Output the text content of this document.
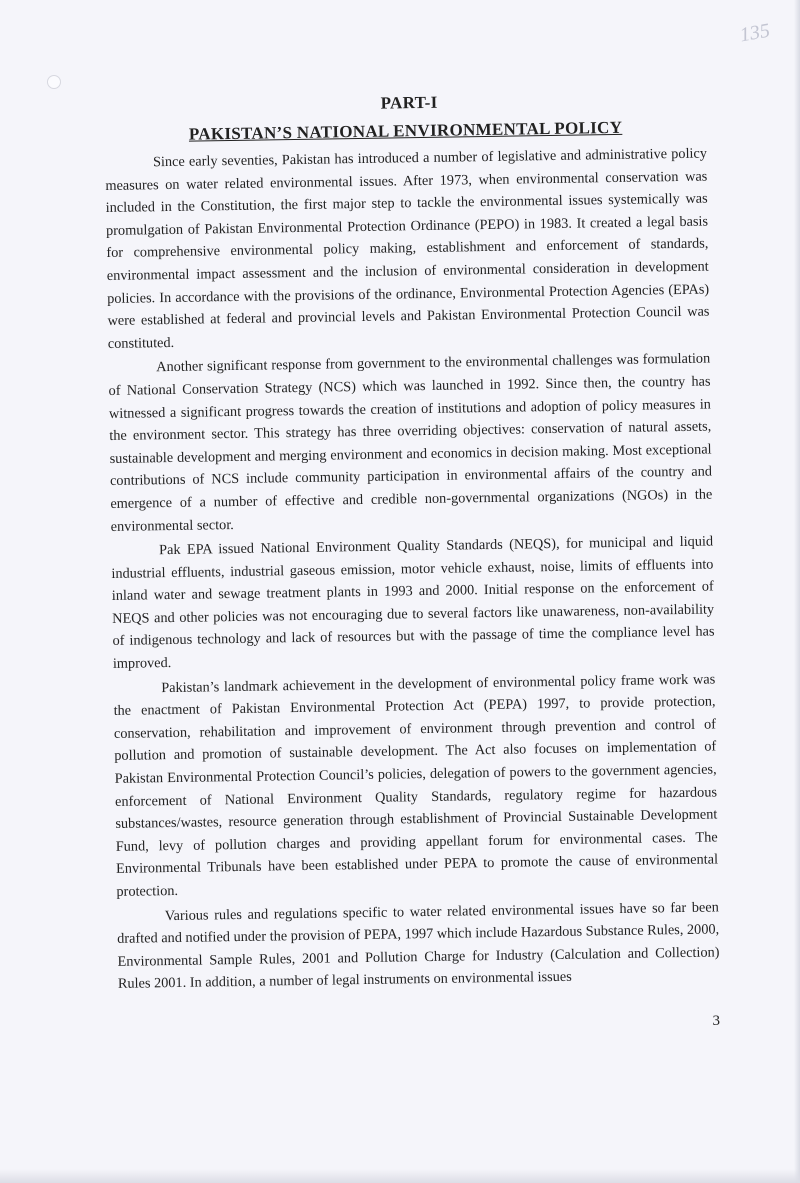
135
PART-I
PAKISTAN’S NATIONAL ENVIRONMENTAL POLICY

Since early seventies, Pakistan has introduced a number of legislative and administrative policy measures on water related environmental issues. After 1973, when environmental conservation was included in the Constitution, the first major step to tackle the environmental issues systemically was promulgation of Pakistan Environmental Protection Ordinance (PEPO) in 1983. It created a legal basis for comprehensive environmental policy making, establishment and enforcement of standards, environmental impact assessment and the inclusion of environmental consideration in development policies. In accordance with the provisions of the ordinance, Environmental Protection Agencies (EPAs) were established at federal and provincial levels and Pakistan Environmental Protection Council was constituted.

Another significant response from government to the environmental challenges was formulation of National Conservation Strategy (NCS) which was launched in 1992. Since then, the country has witnessed a significant progress towards the creation of institutions and adoption of policy measures in the environment sector. This strategy has three overriding objectives: conservation of natural assets, sustainable development and merging environment and economics in decision making. Most exceptional contributions of NCS include community participation in environmental affairs of the country and emergence of a number of effective and credible non-governmental organizations (NGOs) in the environmental sector.

Pak EPA issued National Environment Quality Standards (NEQS), for municipal and liquid industrial effluents, industrial gaseous emission, motor vehicle exhaust, noise, limits of effluents into inland water and sewage treatment plants in 1993 and 2000. Initial response on the enforcement of NEQS and other policies was not encouraging due to several factors like unawareness, non-availability of indigenous technology and lack of resources but with the passage of time the compliance level has improved.

Pakistan’s landmark achievement in the development of environmental policy frame work was the enactment of Pakistan Environmental Protection Act (PEPA) 1997, to provide protection, conservation, rehabilitation and improvement of environment through prevention and control of pollution and promotion of sustainable development. The Act also focuses on implementation of Pakistan Environmental Protection Council’s policies, delegation of powers to the government agencies, enforcement of National Environment Quality Standards, regulatory regime for hazardous substances/wastes, resource generation through establishment of Provincial Sustainable Development Fund, levy of pollution charges and providing appellant forum for environmental cases. The Environmental Tribunals have been established under PEPA to promote the cause of environmental protection.

Various rules and regulations specific to water related environmental issues have so far been drafted and notified under the provision of PEPA, 1997 which include Hazardous Substance Rules, 2000, Environmental Sample Rules, 2001 and Pollution Charge for Industry (Calculation and Collection) Rules 2001. In addition, a number of legal instruments on environmental issues

3
